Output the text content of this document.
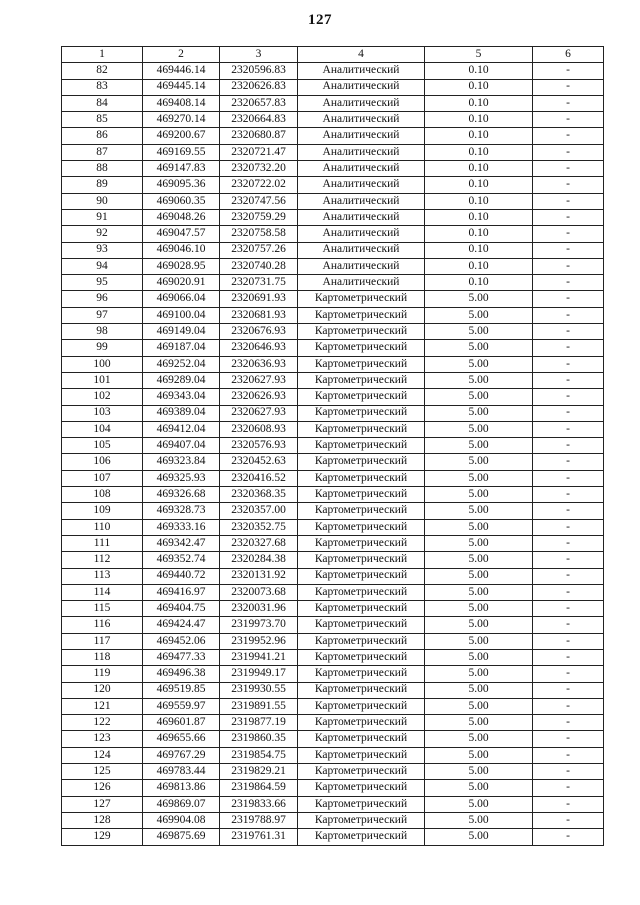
127
1	2	3	4	5	6
82	469446.14	2320596.83	Аналитический	0.10	-
83	469445.14	2320626.83	Аналитический	0.10	-
84	469408.14	2320657.83	Аналитический	0.10	-
85	469270.14	2320664.83	Аналитический	0.10	-
86	469200.67	2320680.87	Аналитический	0.10	-
87	469169.55	2320721.47	Аналитический	0.10	-
88	469147.83	2320732.20	Аналитический	0.10	-
89	469095.36	2320722.02	Аналитический	0.10	-
90	469060.35	2320747.56	Аналитический	0.10	-
91	469048.26	2320759.29	Аналитический	0.10	-
92	469047.57	2320758.58	Аналитический	0.10	-
93	469046.10	2320757.26	Аналитический	0.10	-
94	469028.95	2320740.28	Аналитический	0.10	-
95	469020.91	2320731.75	Аналитический	0.10	-
96	469066.04	2320691.93	Картометрический	5.00	-
97	469100.04	2320681.93	Картометрический	5.00	-
98	469149.04	2320676.93	Картометрический	5.00	-
99	469187.04	2320646.93	Картометрический	5.00	-
100	469252.04	2320636.93	Картометрический	5.00	-
101	469289.04	2320627.93	Картометрический	5.00	-
102	469343.04	2320626.93	Картометрический	5.00	-
103	469389.04	2320627.93	Картометрический	5.00	-
104	469412.04	2320608.93	Картометрический	5.00	-
105	469407.04	2320576.93	Картометрический	5.00	-
106	469323.84	2320452.63	Картометрический	5.00	-
107	469325.93	2320416.52	Картометрический	5.00	-
108	469326.68	2320368.35	Картометрический	5.00	-
109	469328.73	2320357.00	Картометрический	5.00	-
110	469333.16	2320352.75	Картометрический	5.00	-
111	469342.47	2320327.68	Картометрический	5.00	-
112	469352.74	2320284.38	Картометрический	5.00	-
113	469440.72	2320131.92	Картометрический	5.00	-
114	469416.97	2320073.68	Картометрический	5.00	-
115	469404.75	2320031.96	Картометрический	5.00	-
116	469424.47	2319973.70	Картометрический	5.00	-
117	469452.06	2319952.96	Картометрический	5.00	-
118	469477.33	2319941.21	Картометрический	5.00	-
119	469496.38	2319949.17	Картометрический	5.00	-
120	469519.85	2319930.55	Картометрический	5.00	-
121	469559.97	2319891.55	Картометрический	5.00	-
122	469601.87	2319877.19	Картометрический	5.00	-
123	469655.66	2319860.35	Картометрический	5.00	-
124	469767.29	2319854.75	Картометрический	5.00	-
125	469783.44	2319829.21	Картометрический	5.00	-
126	469813.86	2319864.59	Картометрический	5.00	-
127	469869.07	2319833.66	Картометрический	5.00	-
128	469904.08	2319788.97	Картометрический	5.00	-
129	469875.69	2319761.31	Картометрический	5.00	-
